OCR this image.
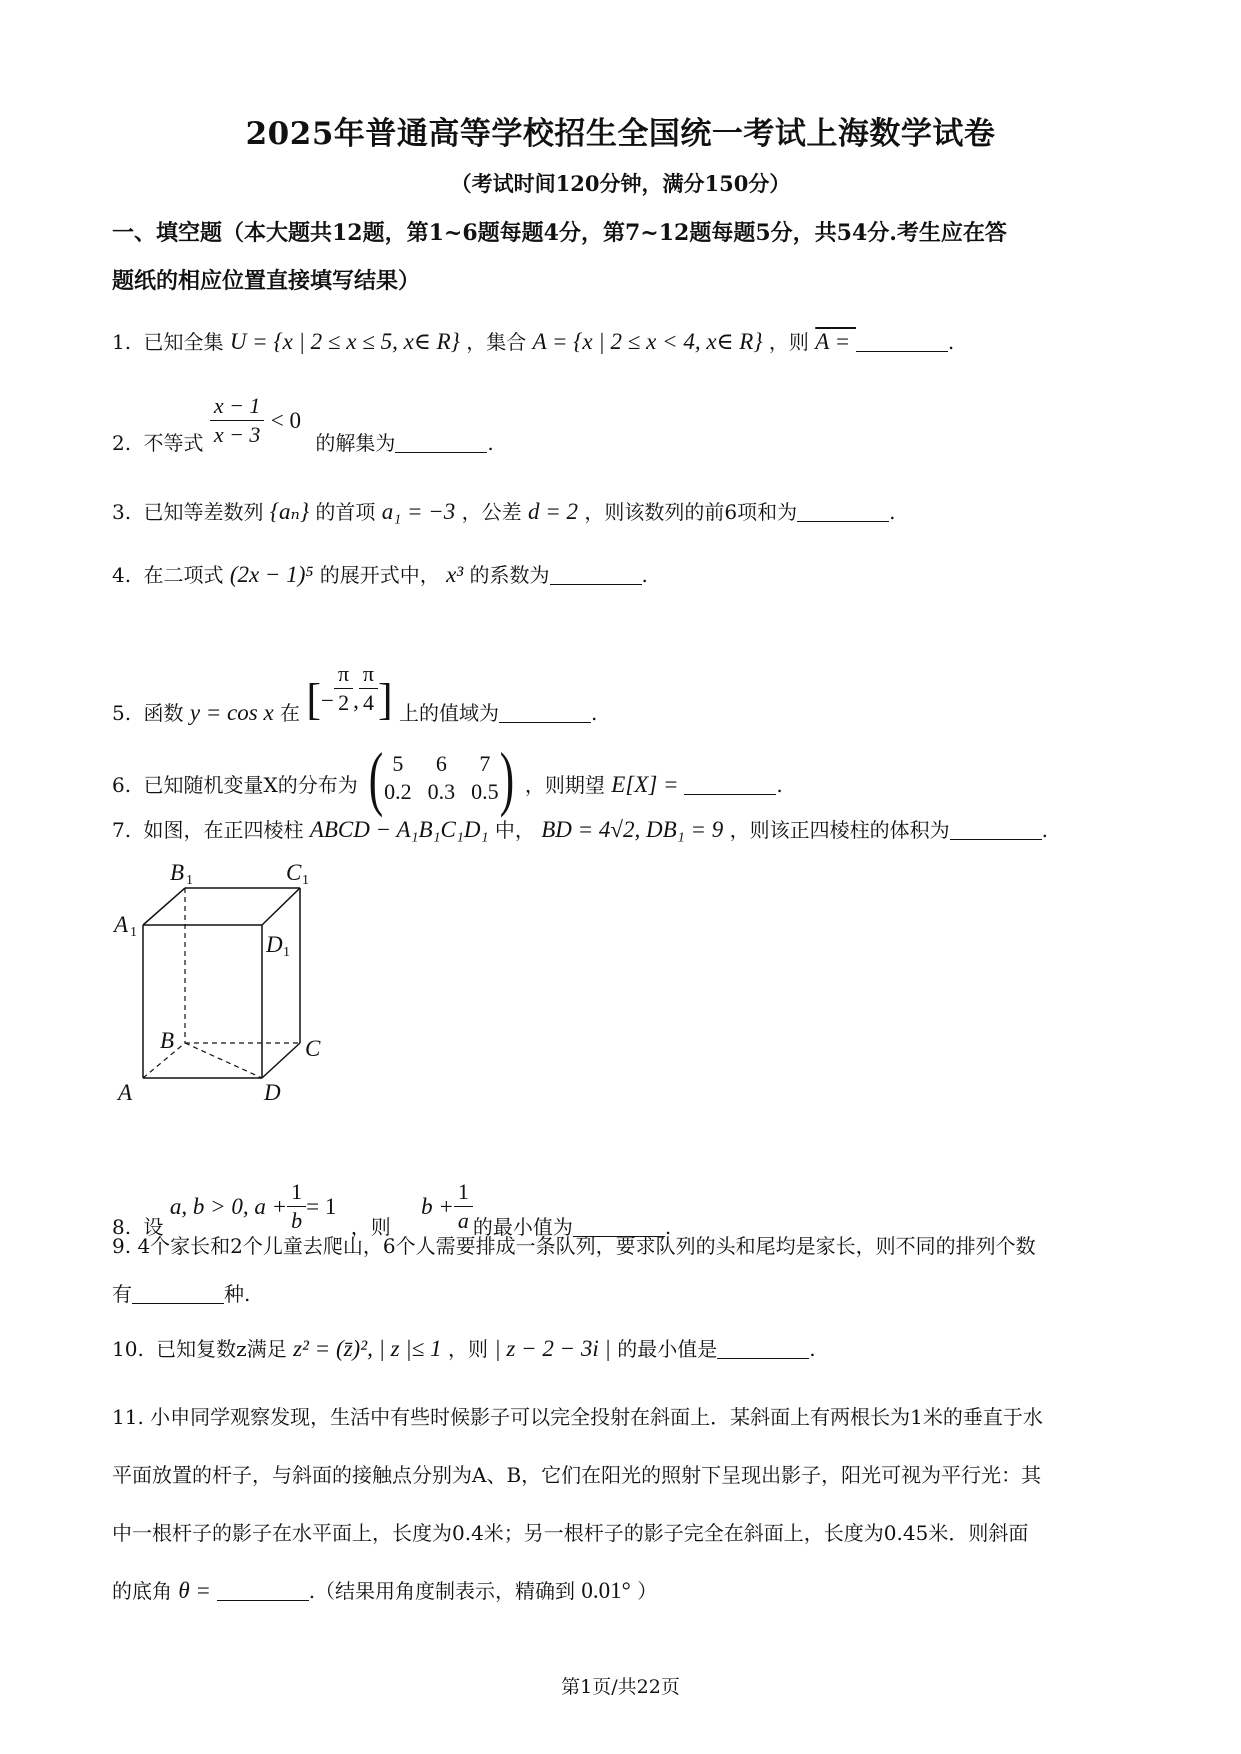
2025年普通高等学校招生全国统一考试上海数学试卷
（考试时间120分钟，满分150分）
一、填空题（本大题共12题，第1~6题每题4分，第7~12题每题5分，共54分.考生应在答
题纸的相应位置直接填写结果）
1. 已知全集 U = {x | 2 ≤ x ≤ 5, x∈ R} ，集合 A = {x | 2 ≤ x < 4, x∈ R} ，则 A =	.
2. 不等式 $\frac{x - 1}{x - 3} < 0$ 的解集为	.
3. 已知等差数列 {aₙ} 的首项 a₁ = −3 ，公差 d = 2 ，则该数列的前6项和为	.
4. 在二项式 (2x − 1)⁵ 的展开式中， x³ 的系数为	.
5. 函数 y = cos x 在 [− $\frac{\pi}{2}$ , $\frac{\pi}{4}$ ] 上的值域为	.
6. 已知随机变量X的分布为 ( 5	6	7
0.2	0.3	0.5 ) ，则期望 E[X] =	.
7. 如图，在正四棱柱 ABCD − A₁B₁C₁D₁ 中， BD = 4√2, DB₁ = 9 ，则该正四棱柱的体积为	.
B 1	C 1
A 1	D 1
B	C
A	D
8. 设 a, b > 0, $a + \frac{1}{b} = 1$ ，则 $b + \frac{1}{a}$ 的最小值为	.
9. 4个家长和2个儿童去爬山，6个人需要排成一条队列，要求队列的头和尾均是家长，则不同的排列个数
有	种.
10. 已知复数z满足 z² = (z̄)², | z |≤ 1 ，则 | z − 2 − 3i | 的最小值是	.
11. 小申同学观察发现，生活中有些时候影子可以完全投射在斜面上．某斜面上有两根长为1米的垂直于水
平面放置的杆子，与斜面的接触点分别为A、B，它们在阳光的照射下呈现出影子，阳光可视为平行光：其
中一根杆子的影子在水平面上，长度为0.4米；另一根杆子的影子完全在斜面上，长度为0.45米．则斜面
的底角 θ =	.（结果用角度制表示，精确到 0.01° ）
第1页/共22页
